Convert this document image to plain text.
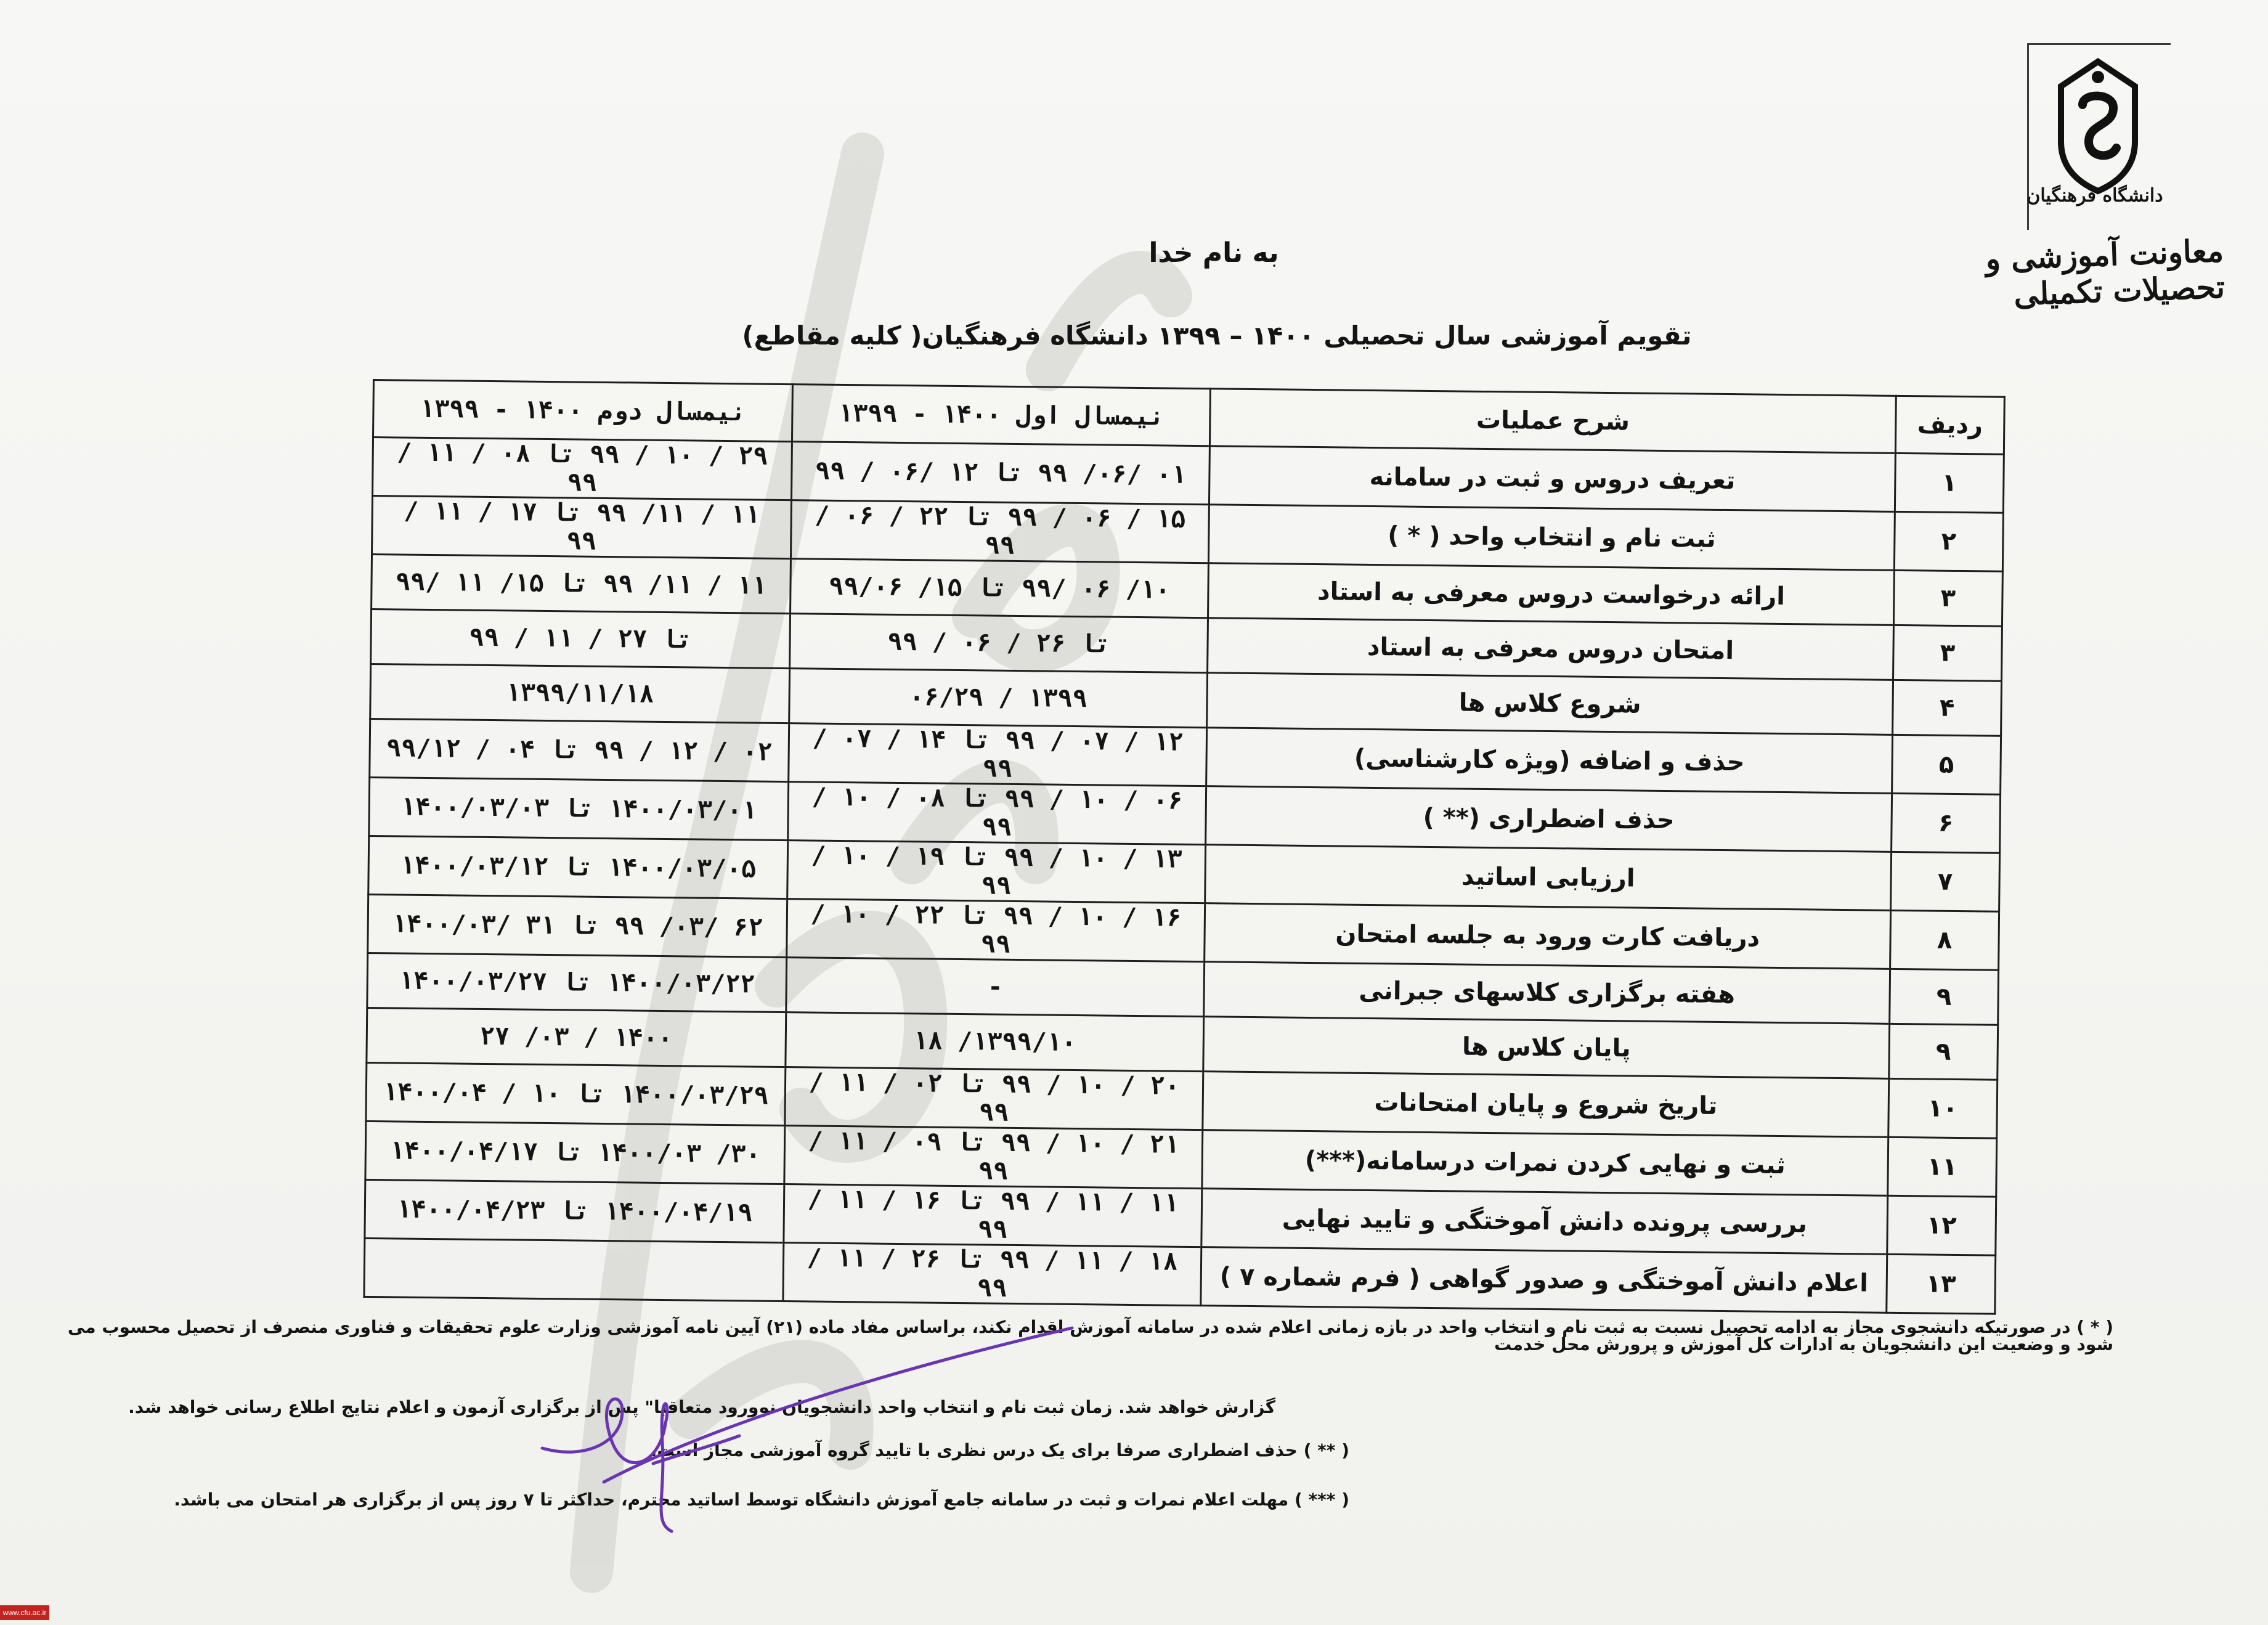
دانشگاه فرهنگیان
معاونت آموزشی و تحصیلات تکمیلی
به نام خدا
تقویم آموزشی سال تحصیلی ۱۴۰۰ – ۱۳۹۹ دانشگاه فرهنگیان( کلیه مقاطع)
ردیف	شرح عملیات	نیمسال اول ۱۴۰۰ - ۱۳۹۹	نیمسال دوم ۱۴۰۰ - ۱۳۹۹
۱	تعریف دروس و ثبت در سامانه	۰۱ /۰۶/ ۹۹ تا ۱۲ /۰۶ / ۹۹	۲۹ / ۱۰ / ۹۹ تا ۰۸ / ۱۱ / ۹۹
۲	ثبت نام و انتخاب واحد ( * )	۱۵ / ۰۶ / ۹۹ تا ۲۲ / ۰۶ / ۹۹	۱۱ / ۱۱/ ۹۹ تا ۱۷ / ۱۱ / ۹۹
۳	ارائه درخواست دروس معرفی به استاد	۱۰/ ۰۶ /۹۹ تا ۱۵/ ۹۹/۰۶	۱۱ / ۱۱/ ۹۹ تا ۱۵/ ۱۱ /۹۹
۳	امتحان دروس معرفی به استاد	تا ۲۶ / ۰۶ / ۹۹	تا ۲۷ / ۱۱ / ۹۹
۴	شروع کلاس ها	۱۳۹۹ / ۰۶/۲۹	۱۳۹۹/۱۱/۱۸
۵	حذف و اضافه (ویژه کارشناسی)	۱۲ / ۰۷ / ۹۹ تا ۱۴ / ۰۷ / ۹۹	۰۲ / ۱۲ / ۹۹ تا ۰۴ / ۹۹/۱۲
۶	حذف اضطراری (** )	۰۶ / ۱۰ / ۹۹ تا ۰۸ / ۱۰ / ۹۹	۱۴۰۰/۰۳/۰۱ تا ۱۴۰۰/۰۳/۰۳
۷	ارزیابی اساتید	۱۳ / ۱۰ / ۹۹ تا ۱۹ / ۱۰ / ۹۹	۱۴۰۰/۰۳/۰۵ تا ۱۴۰۰/۰۳/۱۲
۸	دریافت کارت ورود به جلسه امتحان	۱۶ / ۱۰ / ۹۹ تا ۲۲ / ۱۰ / ۹۹	۶۲ /۰۳/ ۹۹ تا ۳۱ /۱۴۰۰/۰۳
۹	هفته برگزاری کلاسهای جبرانی	-	۱۴۰۰/۰۳/۲۲ تا ۱۴۰۰/۰۳/۲۷
۹	پایان کلاس ها	۱۳۹۹/۱۰/ ۱۸	۱۴۰۰ / ۰۳/ ۲۷
۱۰	تاریخ شروع و پایان امتحانات	۲۰ / ۱۰ / ۹۹ تا ۰۲ / ۱۱ / ۹۹	۱۴۰۰/۰۳/۲۹ تا ۱۰ / ۱۴۰۰/۰۴
۱۱	ثبت و نهایی کردن نمرات درسامانه(***)	۲۱ / ۱۰ / ۹۹ تا ۰۹ / ۱۱ / ۹۹	۳۰/ ۱۴۰۰/۰۳ تا ۱۴۰۰/۰۴/۱۷
۱۲	بررسی پرونده دانش آموختگی و تایید نهایی	۱۱ / ۱۱ / ۹۹ تا ۱۶ / ۱۱ / ۹۹	۱۴۰۰/۰۴/۱۹ تا ۱۴۰۰/۰۴/۲۳
۱۳	اعلام دانش آموختگی و صدور گواهی ( فرم شماره ۷ )	۱۸ / ۱۱ / ۹۹ تا ۲۶ / ۱۱ / ۹۹	
( * ) در صورتیکه دانشجوی مجاز به ادامه تحصیل نسبت به ثبت نام و انتخاب واحد در بازه زمانی اعلام شده در سامانه آموزش اقدام نکند، براساس مفاد ماده (۲۱) آیین نامه آموزشی وزارت علوم تحقیقات و فناوری منصرف از تحصیل محسوب می شود و وضعیت این دانشجویان به ادارات کل آموزش و پرورش محل خدمت
گزارش خواهد شد. زمان ثبت نام و انتخاب واحد دانشجویان نوورود متعاقبا" پس از برگزاری آزمون و اعلام نتایج اطلاع رسانی خواهد شد.
( ** ) حذف اضطراری صرفا برای یک درس نظری با تایید گروه آموزشی مجاز است.
( *** ) مهلت اعلام نمرات و ثبت در سامانه جامع آموزش دانشگاه توسط اساتید محترم، حداکثر تا ۷ روز پس از برگزاری هر امتحان می باشد.
www.cfu.ac.ir
